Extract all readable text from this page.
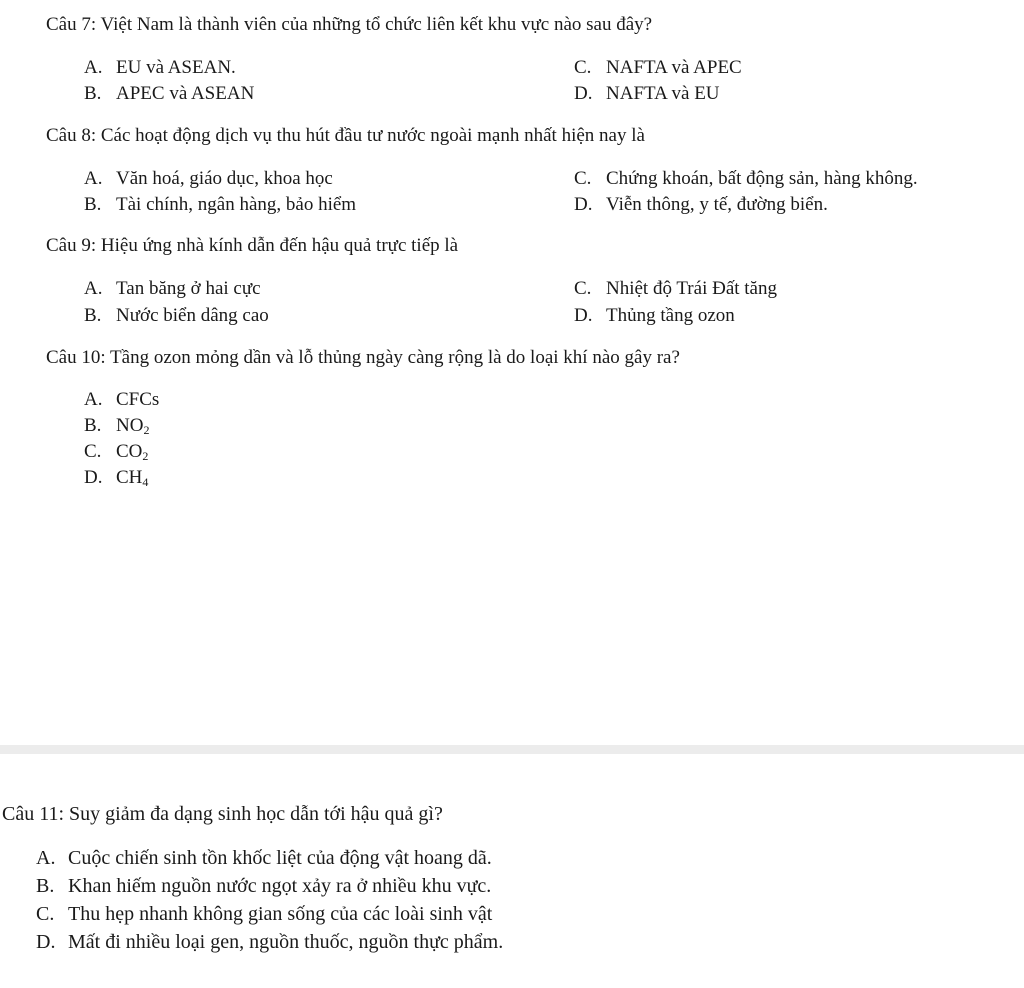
Câu 7: Việt Nam là thành viên của những tổ chức liên kết khu vực nào sau đây?
A. EU và ASEAN.
B. APEC và ASEAN
C. NAFTA và APEC
D. NAFTA và EU
Câu 8: Các hoạt động dịch vụ thu hút đầu tư nước ngoài mạnh nhất hiện nay là
A. Văn hoá, giáo dục, khoa học
B. Tài chính, ngân hàng, bảo hiểm
C. Chứng khoán, bất động sản, hàng không.
D. Viễn thông, y tế, đường biển.
Câu 9: Hiệu ứng nhà kính dẫn đến hậu quả trực tiếp là
A. Tan băng ở hai cực
B. Nước biển dâng cao
C. Nhiệt độ Trái Đất tăng
D. Thủng tầng ozon
Câu 10: Tầng ozon mỏng dần và lỗ thủng ngày càng rộng là do loại khí nào gây ra?
A. CFCs
B. $NO_2$
C. $CO_2$
D. $CH_4$
Câu 11: Suy giảm đa dạng sinh học dẫn tới hậu quả gì?
A. Cuộc chiến sinh tồn khốc liệt của động vật hoang dã.
B. Khan hiếm nguồn nước ngọt xảy ra ở nhiều khu vực.
C. Thu hẹp nhanh không gian sống của các loài sinh vật
D. Mất đi nhiều loại gen, nguồn thuốc, nguồn thực phẩm.
